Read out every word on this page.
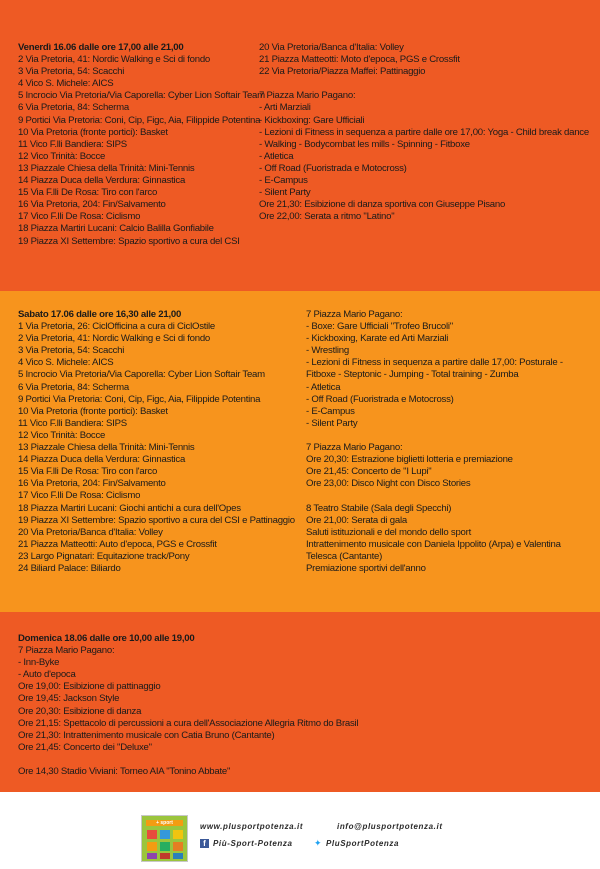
Venerdì 16.06 dalle ore 17,00 alle 21,00
2 Via Pretoria, 41: Nordic Walking e Sci di fondo
3 Via Pretoria, 54: Scacchi
4 Vico S. Michele: AICS
5 Incrocio Via Pretoria/Via Caporella: Cyber Lion Softair Team
6 Via Pretoria, 84: Scherma
9 Portici Via Pretoria: Coni, Cip, Figc, Aia, Filippide Potentina
10 Via Pretoria (fronte portici): Basket
11 Vico F.lli Bandiera: SIPS
12 Vico Trinità: Bocce
13 Piazzale Chiesa della Trinità: Mini-Tennis
14 Piazza Duca della Verdura: Ginnastica
15 Via F.lli De Rosa: Tiro con l'arco
16 Via Pretoria, 204: Fin/Salvamento
17 Vico F.lli De Rosa: Ciclismo
18 Piazza Martiri Lucani: Calcio Balilla Gonfiabile
19 Piazza XI Settembre: Spazio sportivo a cura del CSI
20 Via Pretoria/Banca d'Italia: Volley
21 Piazza Matteotti: Moto d'epoca, PGS e Crossfit
22 Via Pretoria/Piazza Maffei: Pattinaggio
7 Piazza Mario Pagano:
- Arti Marziali
- Kickboxing: Gare Ufficiali
- Lezioni di Fitness in sequenza a partire dalle ore 17,00: Yoga - Child break dance
- Walking - Bodycombat les mills - Spinning - Fitboxe
- Atletica
- Off Road (Fuoristrada e Motocross)
- E-Campus
- Silent Party
Ore 21,30: Esibizione di danza sportiva con Giuseppe Pisano
Ore 22,00: Serata a ritmo "Latino"
Sabato 17.06 dalle ore 16,30 alle 21,00
1 Via Pretoria, 26: CiclOfficina a cura di CiclOstile
2 Via Pretoria, 41: Nordic Walking e Sci di fondo
3 Via Pretoria, 54: Scacchi
4 Vico S. Michele: AICS
5 Incrocio Via Pretoria/Via Caporella: Cyber Lion Softair Team
6 Via Pretoria, 84: Scherma
9 Portici Via Pretoria: Coni, Cip, Figc, Aia, Filippide Potentina
10 Via Pretoria (fronte portici): Basket
11 Vico F.lli Bandiera: SIPS
12 Vico Trinità: Bocce
13 Piazzale Chiesa della Trinità: Mini-Tennis
14 Piazza Duca della Verdura: Ginnastica
15 Via F.lli De Rosa: Tiro con l'arco
16 Via Pretoria, 204: Fin/Salvamento
17 Vico F.lli De Rosa: Ciclismo
18 Piazza Martiri Lucani: Giochi antichi a cura dell'Opes
19 Piazza XI Settembre: Spazio sportivo a cura del CSI e Pattinaggio
20 Via Pretoria/Banca d'Italia: Volley
21 Piazza Matteotti: Auto d'epoca, PGS e Crossfit
23 Largo Pignatari: Equitazione track/Pony
24 Biliard Palace: Biliardo
7 Piazza Mario Pagano:
- Boxe: Gare Ufficiali "Trofeo Brucoli"
- Kickboxing, Karate ed Arti Marziali
- Wrestling
- Lezioni di Fitness in sequenza a partire dalle 17,00: Posturale -
Fitboxe - Steptonic - Jumping - Total training - Zumba
- Atletica
- Off Road (Fuoristrada e Motocross)
- E-Campus
- Silent Party
7 Piazza Mario Pagano:
Ore 20,30: Estrazione biglietti lotteria e premiazione
Ore 21,45: Concerto de "I Lupi"
Ore 23,00: Disco Night con Disco Stories
8 Teatro Stabile (Sala degli Specchi)
Ore 21,00: Serata di gala
Saluti istituzionali e del mondo dello sport
Intrattenimento musicale con Daniela Ippolito (Arpa) e Valentina
Telesca (Cantante)
Premiazione sportivi dell'anno
Domenica 18.06 dalle ore 10,00 alle 19,00
7 Piazza Mario Pagano:
- Inn-Byke
- Auto d'epoca
Ore 19,00: Esibizione di pattinaggio
Ore 19,45: Jackson Style
Ore 20,30: Esibizione di danza
Ore 21,15: Spettacolo di percussioni a cura dell'Associazione Allegria Ritmo do Brasil
Ore 21,30: Intrattenimento musicale con Catia Bruno (Cantante)
Ore 21,45: Concerto dei "Deluxe"
Ore 14,30 Stadio Viviani: Torneo AIA "Tonino Abbate"
+ sport	www.plusportpotenza.it	info@plusportpotenza.it
f Più-Sport-Potenza ✦ PluSportPotenza
